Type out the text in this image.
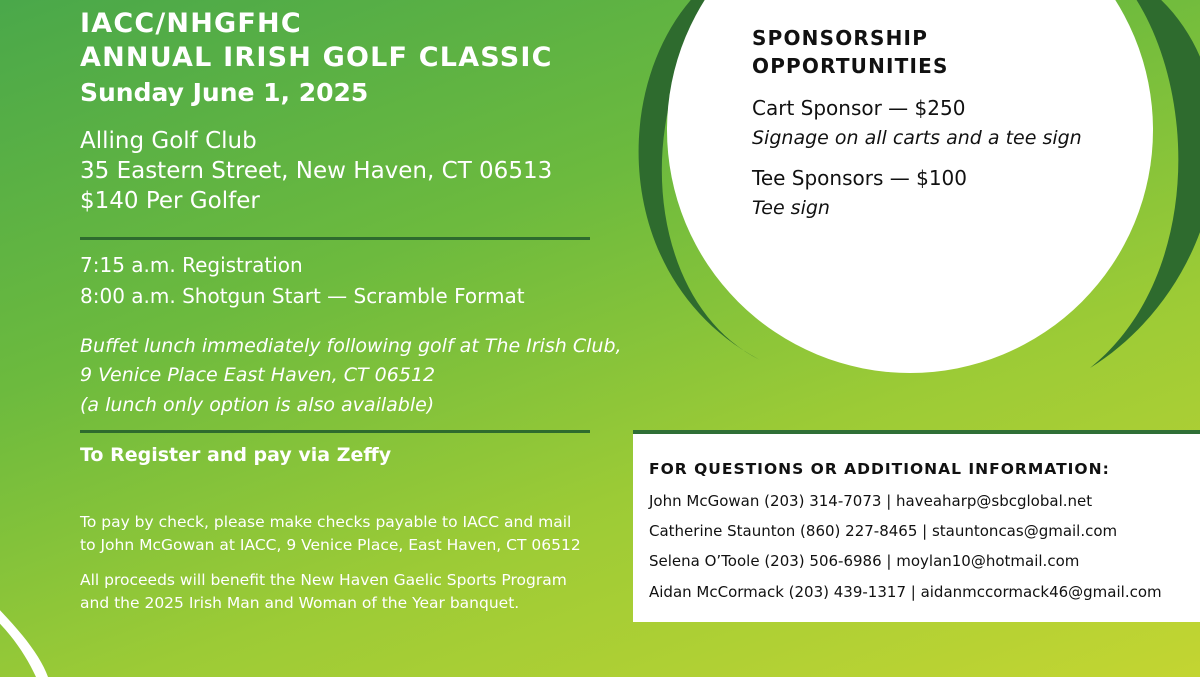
IACC/NHGFHC
ANNUAL IRISH GOLF CLASSIC
Sunday June 1, 2025
Alling Golf Club
35 Eastern Street, New Haven, CT 06513
$140 Per Golfer
7:15 a.m. Registration
8:00 a.m. Shotgun Start — Scramble Format
Buffet lunch immediately following golf at The Irish Club,
9 Venice Place East Haven, CT 06512
(a lunch only option is also available)
To Register and pay via Zeffy
To pay by check, please make checks payable to IACC and mail
to John McGowan at IACC, 9 Venice Place, East Haven, CT 06512
All proceeds will benefit the New Haven Gaelic Sports Program
and the 2025 Irish Man and Woman of the Year banquet.
SPONSORSHIP
OPPORTUNITIES
Cart Sponsor — $250
Signage on all carts and a tee sign
Tee Sponsors — $100
Tee sign
FOR QUESTIONS OR ADDITIONAL INFORMATION:
John McGowan (203) 314-7073 | haveaharp@sbcglobal.net
Catherine Staunton (860) 227-8465 | stauntoncas@gmail.com
Selena O’Toole (203) 506-6986 | moylan10@hotmail.com
Aidan McCormack (203) 439-1317 | aidanmccormack46@gmail.com
